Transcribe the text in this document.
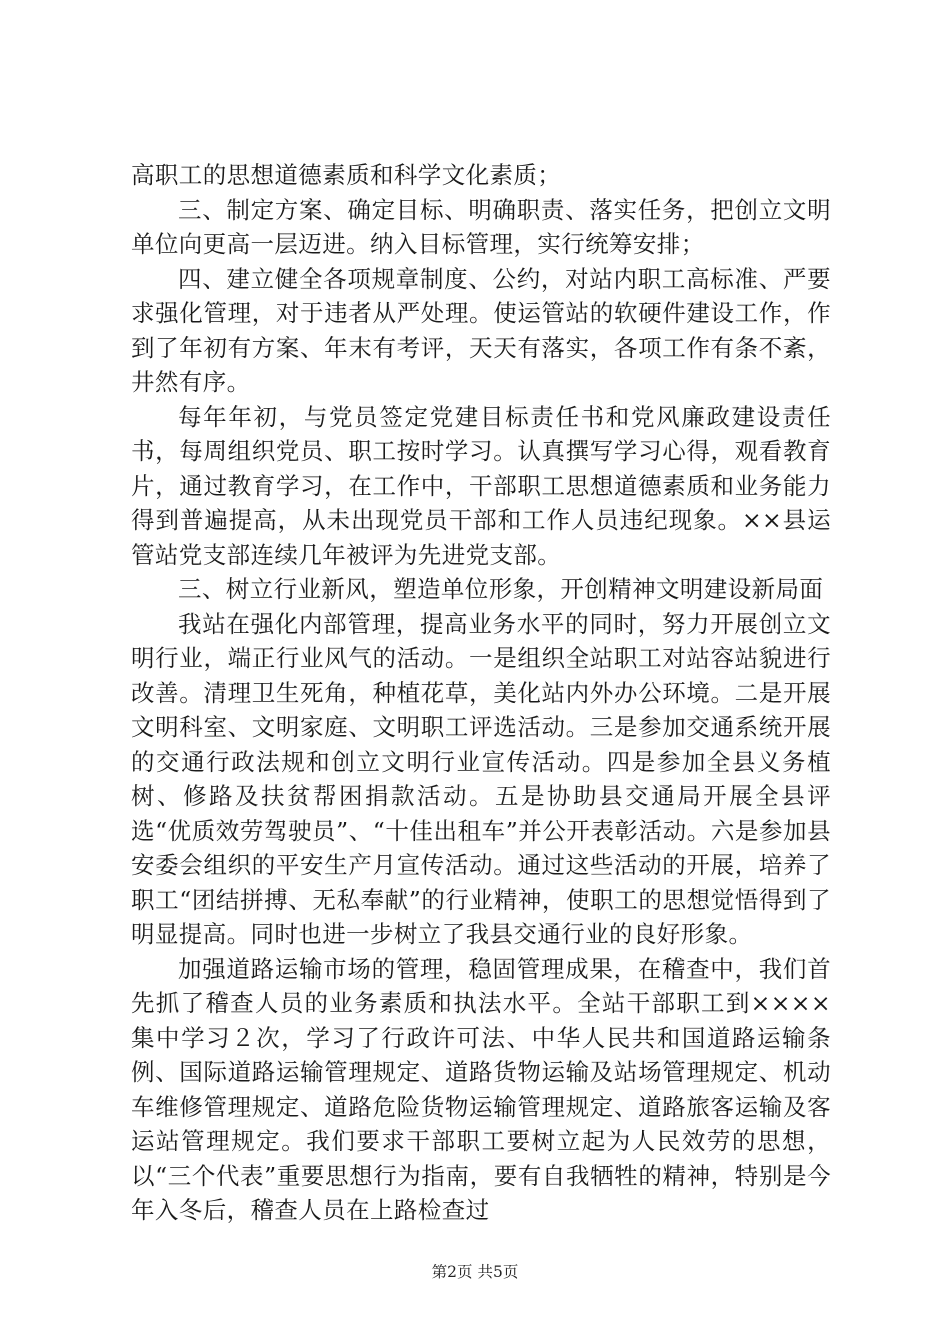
高职工的思想道德素质和科学文化素质；

三、制定方案、确定目标、明确职责、落实任务，把创立文明单位向更高一层迈进。纳入目标管理，实行统筹安排；

四、建立健全各项规章制度、公约，对站内职工高标准、严要求强化管理，对于违者从严处理。使运管站的软硬件建设工作，作到了年初有方案、年末有考评，天天有落实，各项工作有条不紊，井然有序。

每年年初，与党员签定党建目标责任书和党风廉政建设责任书，每周组织党员、职工按时学习。认真撰写学习心得，观看教育片，通过教育学习，在工作中，干部职工思想道德素质和业务能力得到普遍提高，从未出现党员干部和工作人员违纪现象。××县运管站党支部连续几年被评为先进党支部。

三、树立行业新风，塑造单位形象，开创精神文明建设新局面

我站在强化内部管理，提高业务水平的同时，努力开展创立文明行业，端正行业风气的活动。一是组织全站职工对站容站貌进行改善。清理卫生死角，种植花草，美化站内外办公环境。二是开展文明科室、文明家庭、文明职工评选活动。三是参加交通系统开展的交通行政法规和创立文明行业宣传活动。四是参加全县义务植树、修路及扶贫帮困捐款活动。五是协助县交通局开展全县评选“优质效劳驾驶员”、“十佳出租车”并公开表彰活动。六是参加县安委会组织的平安生产月宣传活动。通过这些活动的开展，培养了职工“团结拼搏、无私奉献”的行业精神，使职工的思想觉悟得到了明显提高。同时也进一步树立了我县交通行业的良好形象。

加强道路运输市场的管理，稳固管理成果，在稽查中，我们首先抓了稽查人员的业务素质和执法水平。全站干部职工到××××集中学习２次，学习了行政许可法、中华人民共和国道路运输条例、国际道路运输管理规定、道路货物运输及站场管理规定、机动车维修管理规定、道路危险货物运输管理规定、道路旅客运输及客运站管理规定。我们要求干部职工要树立起为人民效劳的思想，以“三个代表”重要思想行为指南，要有自我牺牲的精神，特别是今年入冬后，稽查人员在上路检查过

第2页 共5页
